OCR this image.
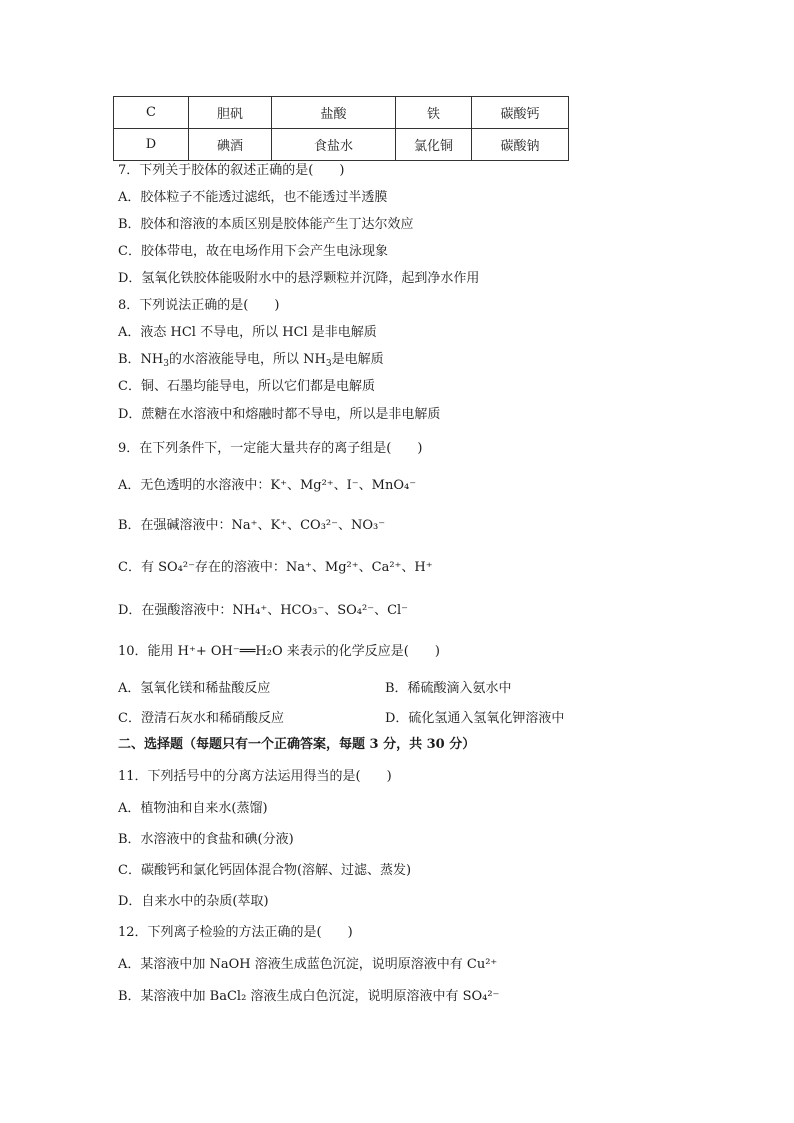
C	胆矾	盐酸	铁	碳酸钙
D	碘酒	食盐水	氯化铜	碳酸钠
7．下列关于胶体的叙述正确的是(　　)
A．胶体粒子不能透过滤纸，也不能透过半透膜
B．胶体和溶液的本质区别是胶体能产生丁达尔效应
C．胶体带电，故在电场作用下会产生电泳现象
D．氢氧化铁胶体能吸附水中的悬浮颗粒并沉降，起到净水作用
8．下列说法正确的是(　　)
A．液态 HCl 不导电，所以 HCl 是非电解质
B．$NH_3$的水溶液能导电，所以 $NH_3$是电解质
C．铜、石墨均能导电，所以它们都是电解质
D．蔗糖在水溶液中和熔融时都不导电，所以是非电解质
9．在下列条件下，一定能大量共存的离子组是(　　)
A．无色透明的水溶液中：K⁺、Mg²⁺、I⁻、MnO₄⁻
B．在强碱溶液中：Na⁺、K⁺、CO₃²⁻、NO₃⁻
C．有 SO₄²⁻存在的溶液中：Na⁺、Mg²⁺、Ca²⁺、H⁺
D．在强酸溶液中：NH₄⁺、HCO₃⁻、SO₄²⁻、Cl⁻
10．能用 H⁺+ OH⁻══H₂O 来表示的化学反应是(　　)
A．氢氧化镁和稀盐酸反应	B．稀硫酸滴入氨水中
C．澄清石灰水和稀硝酸反应	D．硫化氢通入氢氧化钾溶液中
二、选择题（每题只有一个正确答案，每题 3 分，共 30 分）
11．下列括号中的分离方法运用得当的是(　　)
A．植物油和自来水(蒸馏)
B．水溶液中的食盐和碘(分液)
C．碳酸钙和氯化钙固体混合物(溶解、过滤、蒸发)
D．自来水中的杂质(萃取)
12．下列离子检验的方法正确的是(　　)
A．某溶液中加 NaOH 溶液生成蓝色沉淀，说明原溶液中有 Cu²⁺
B．某溶液中加 BaCl₂ 溶液生成白色沉淀，说明原溶液中有 SO₄²⁻
